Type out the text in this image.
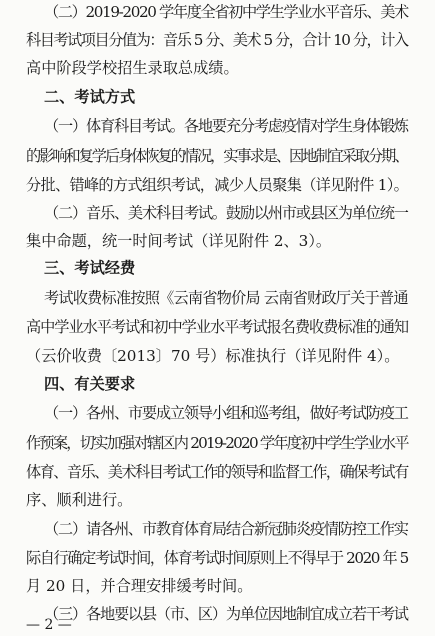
（二）2019-2020 学年度全省初中学生学业水平音乐、美术
科目考试项目分值为：音乐 5 分、美术 5 分，合计 10 分，计入
高中阶段学校招生录取总成绩。
二、考试方式
（一）体育科目考试。各地要充分考虑疫情对学生身体锻炼
的影响和复学后身体恢复的情况，实事求是、因地制宜采取分期、
分批、错峰的方式组织考试，减少人员聚集（详见附件 1）。
（二）音乐、美术科目考试。鼓励以州市或县区为单位统一
集中命题，统一时间考试（详见附件 2、3）。
三、考试经费
考试收费标准按照《云南省物价局 云南省财政厅关于普通
高中学业水平考试和初中学业水平考试报名费收费标准的通知
（云价收费〔2013〕70 号）标准执行（详见附件 4）。
四、有关要求
（一）各州、市要成立领导小组和巡考组，做好考试防疫工
作预案，切实加强对辖区内 2019-2020 学年度初中学生学业水平
体育、音乐、美术科目考试工作的领导和监督工作，确保考试有
序、顺利进行。
（二）请各州、市教育体育局结合新冠肺炎疫情防控工作实
际自行确定考试时间，体育考试时间原则上不得早于 2020 年 5
月 20 日，并合理安排缓考时间。
（三）各地要以县（市、区）为单位因地制宜成立若干考试
— 2 —
